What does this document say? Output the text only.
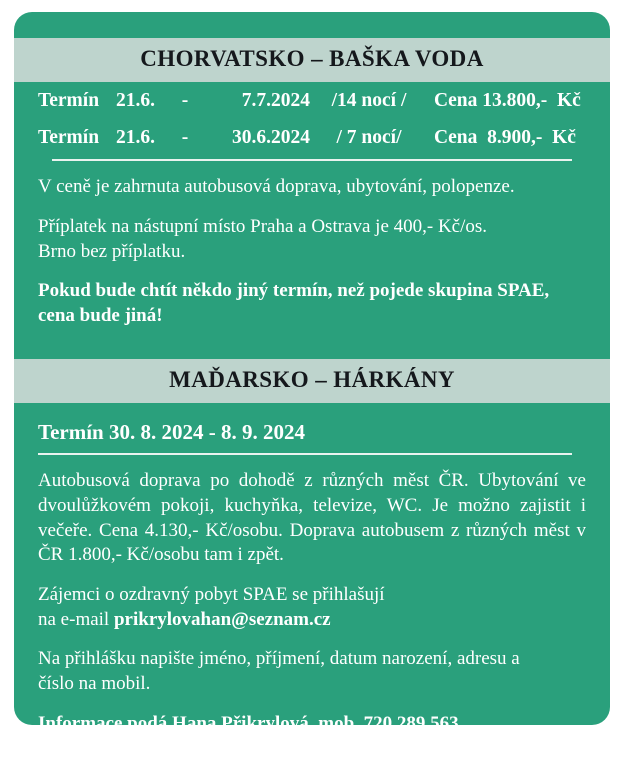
CHORVATSKO – BAŠKA VODA
Termín 21.6.	-	7.7.2024	/14 nocí /	Cena 13.800,-  Kč
Termín 21.6.	-	30.6.2024	/ 7 nocí/	Cena  8.900,-  Kč

V ceně je zahrnuta autobusová doprava, ubytování, polopenze.

Příplatek na nástupní místo Praha a Ostrava je 400,- Kč/os.

Brno bez příplatku.

Pokud bude chtít někdo jiný termín, než pojede skupina SPAE,

cena bude jiná!

MAĎARSKO – HÁRKÁNY
Termín 30. 8. 2024 - 8. 9. 2024

Autobusová doprava po dohodě z různých měst ČR. Ubytování ve dvoulůžkovém pokoji, kuchyňka, televize, WC. Je možno zajistit i večeře. Cena 4.130,- Kč/osobu. Doprava autobusem z různých měst v ČR 1.800,- Kč/osobu tam i zpět.

Zájemci o ozdravný pobyt SPAE se přihlašují

na e-mail prikrylovahan@seznam.cz

Na přihlášku napište jméno, příjmení, datum narození, adresu a

číslo na mobil.

Informace podá Hana Přikrylová, mob. 720 289 563.

Prosím o přihlášení co nejdříve
